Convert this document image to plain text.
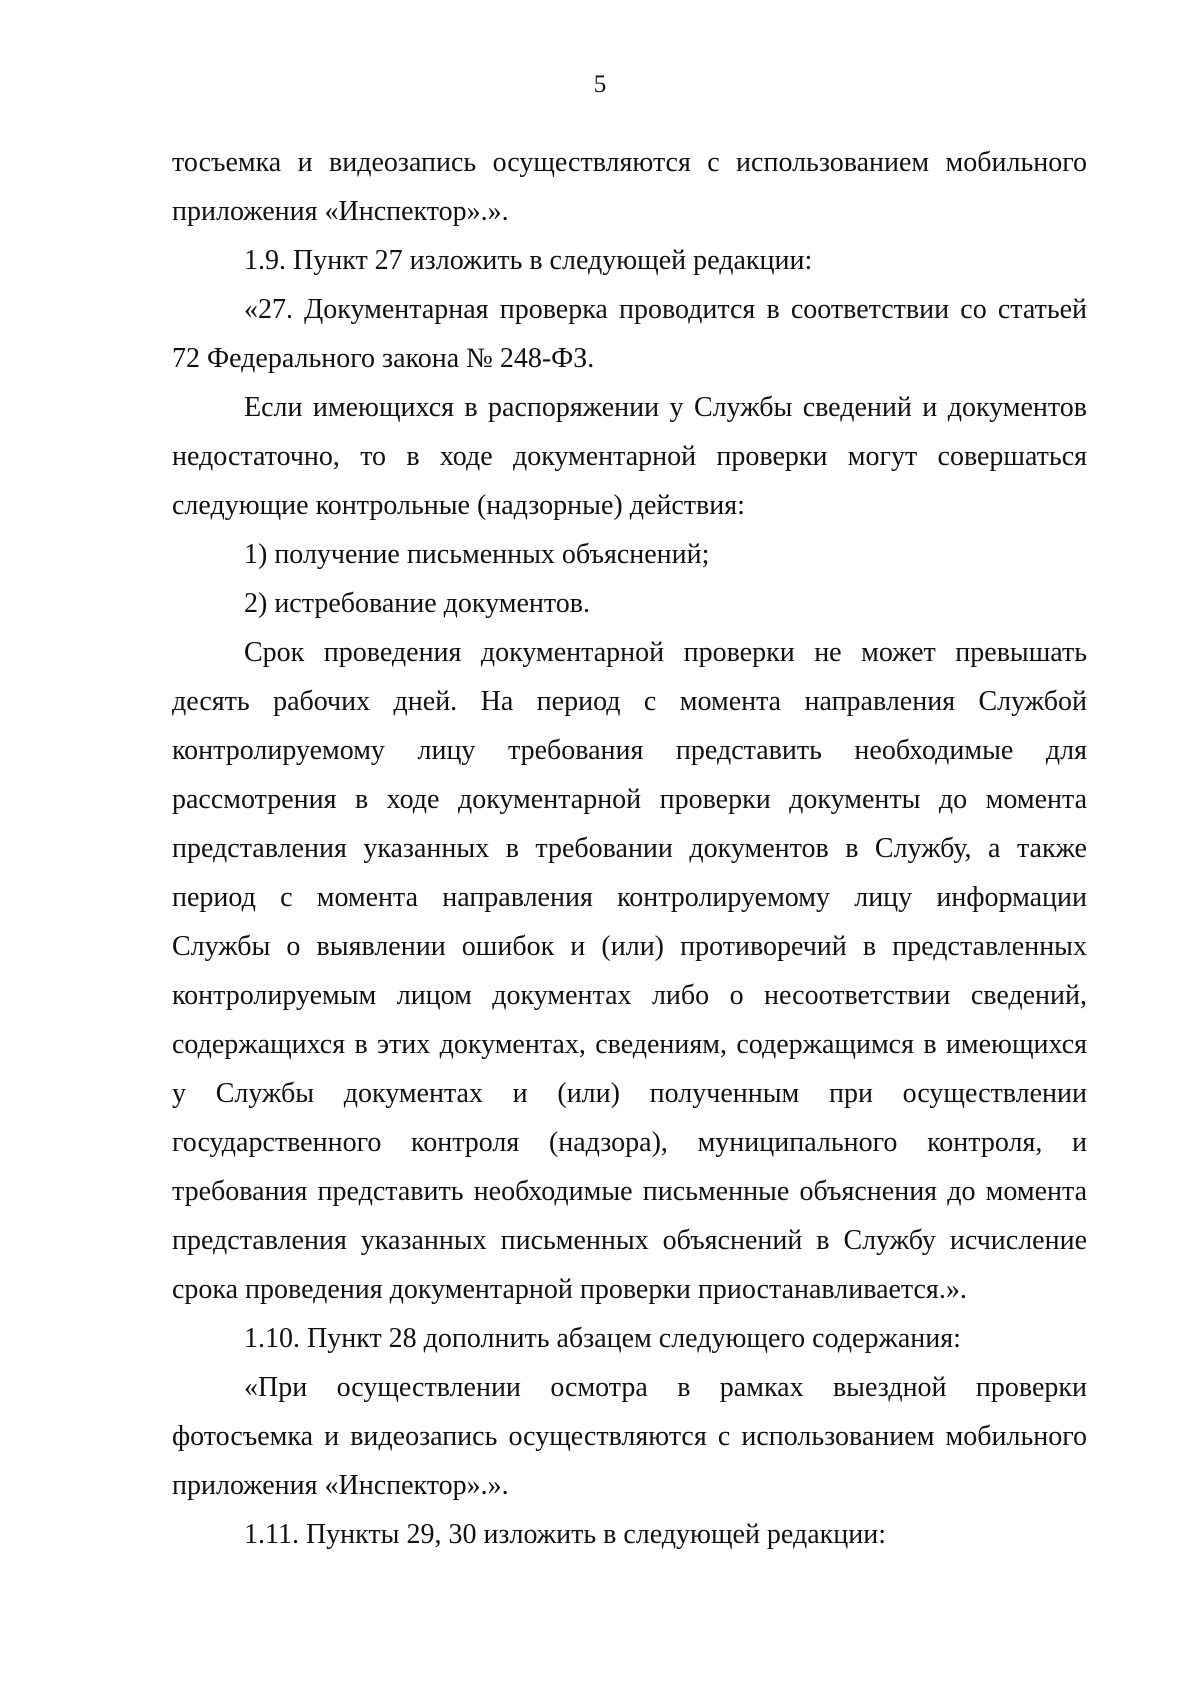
5

тосъемка и видеозапись осуществляются с использованием мобильного приложения «Инспектор».».

1.9. Пункт 27 изложить в следующей редакции:

«27. Документарная проверка проводится в соответствии со статьей 72 Федерального закона № 248-ФЗ.

Если имеющихся в распоряжении у Службы сведений и документов недостаточно, то в ходе документарной проверки могут совершаться следующие контрольные (надзорные) действия:

1) получение письменных объяснений;

2) истребование документов.

Срок проведения документарной проверки не может превышать десять рабочих дней. На период с момента направления Службой контролируемому лицу требования представить необходимые для рассмотрения в ходе документарной проверки документы до момента представления указанных в требовании документов в Службу, а также период с момента направления контролируемому лицу информации Службы о выявлении ошибок и (или) противоречий в представленных контролируемым лицом документах либо о несоответствии сведений, содержащихся в этих документах, сведениям, содержащимся в имеющихся у Службы документах и (или) полученным при осуществлении государственного контроля (надзора), муниципального контроля, и требования представить необходимые письменные объяснения до момента представления указанных письменных объяснений в Службу исчисление срока проведения документарной проверки приостанавливается.».

1.10. Пункт 28 дополнить абзацем следующего содержания:

«При осуществлении осмотра в рамках выездной проверки фотосъемка и видеозапись осуществляются с использованием мобильного приложения «Инспектор».».

1.11. Пункты 29, 30 изложить в следующей редакции:
